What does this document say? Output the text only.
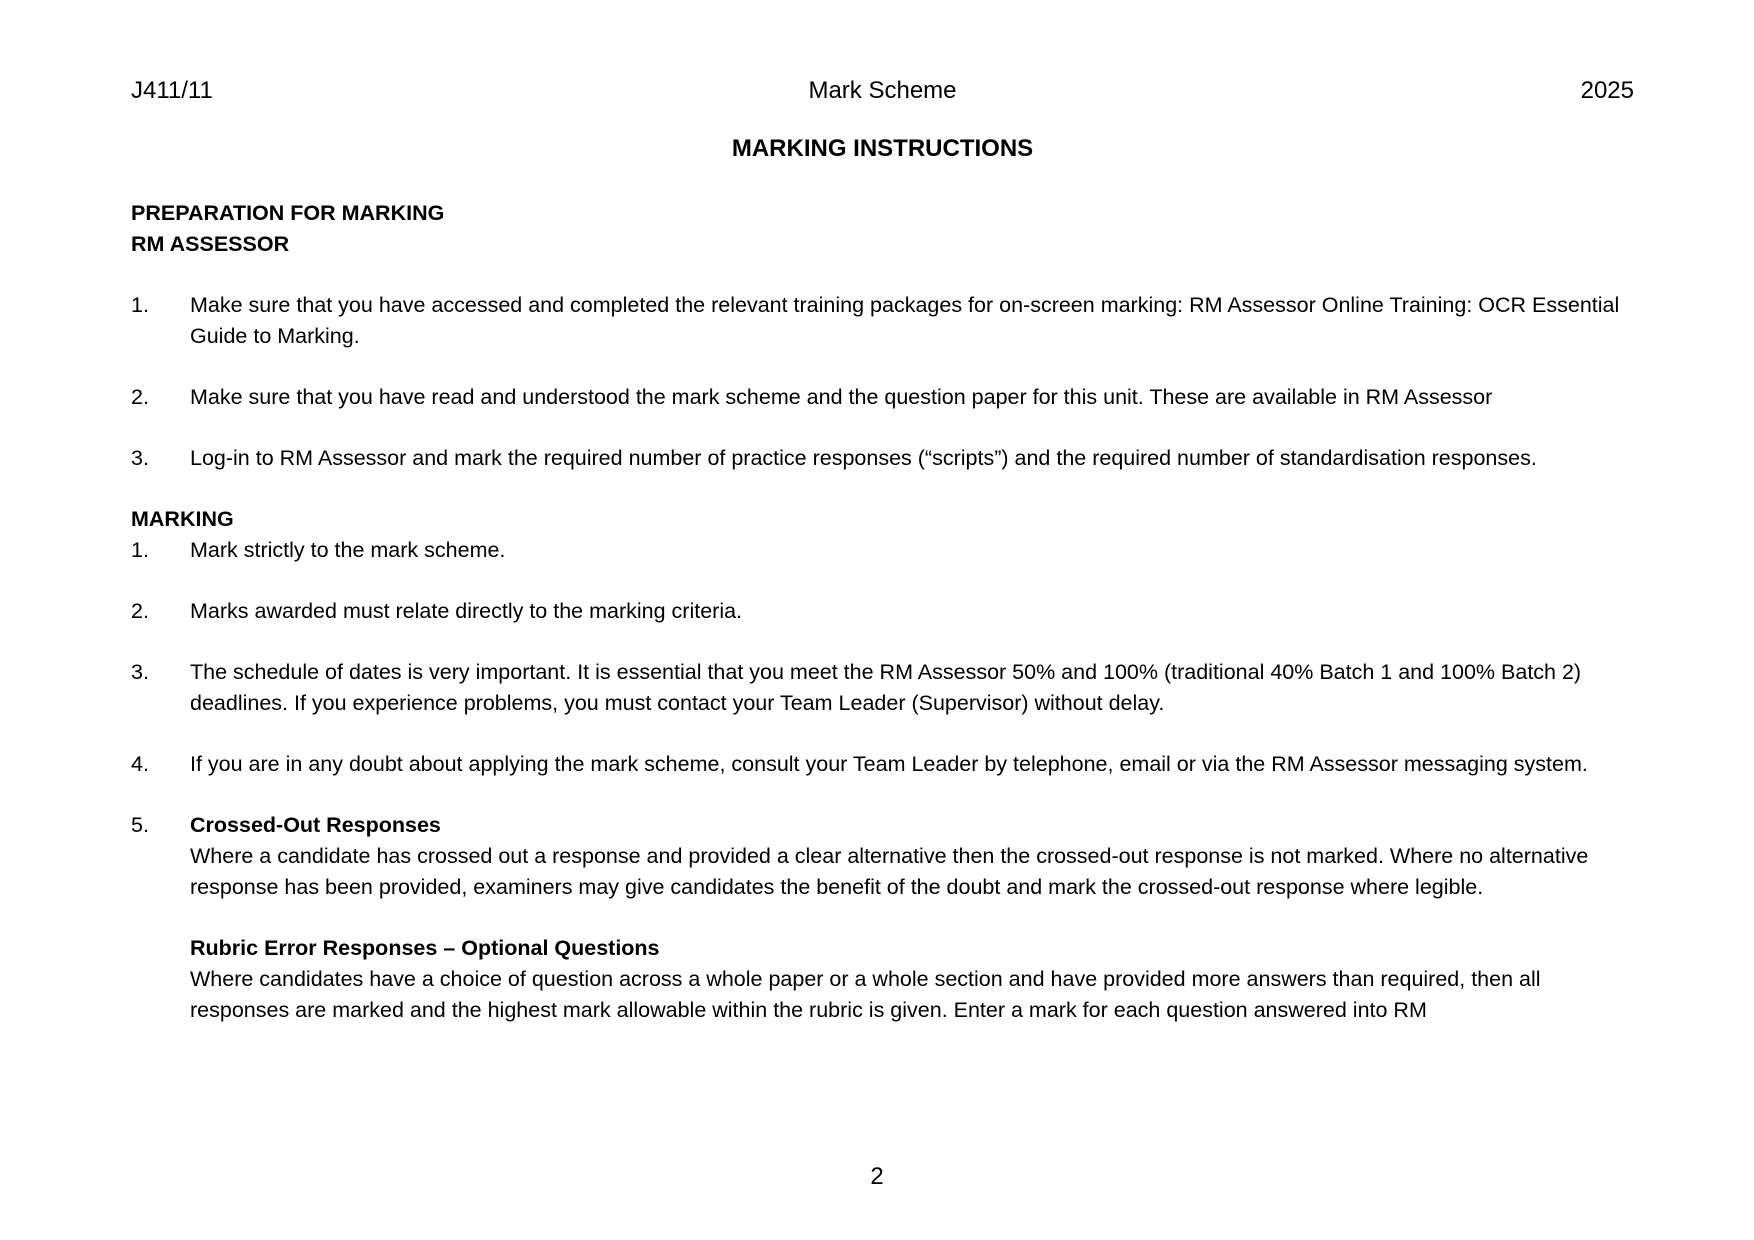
J411/11	Mark Scheme	2025
MARKING INSTRUCTIONS
PREPARATION FOR MARKING
RM ASSESSOR
1. Make sure that you have accessed and completed the relevant training packages for on-screen marking: RM Assessor Online Training: OCR Essential Guide to Marking.
2. Make sure that you have read and understood the mark scheme and the question paper for this unit. These are available in RM Assessor
3. Log-in to RM Assessor and mark the required number of practice responses (“scripts”) and the required number of standardisation responses.
MARKING
1. Mark strictly to the mark scheme.
2. Marks awarded must relate directly to the marking criteria.
3. The schedule of dates is very important. It is essential that you meet the RM Assessor 50% and 100% (traditional 40% Batch 1 and 100% Batch 2) deadlines. If you experience problems, you must contact your Team Leader (Supervisor) without delay.
4. If you are in any doubt about applying the mark scheme, consult your Team Leader by telephone, email or via the RM Assessor messaging system.
5. Crossed-Out Responses
Where a candidate has crossed out a response and provided a clear alternative then the crossed-out response is not marked. Where no alternative response has been provided, examiners may give candidates the benefit of the doubt and mark the crossed-out response where legible.
Rubric Error Responses – Optional Questions
Where candidates have a choice of question across a whole paper or a whole section and have provided more answers than required, then all responses are marked and the highest mark allowable within the rubric is given. Enter a mark for each question answered into RM
2
